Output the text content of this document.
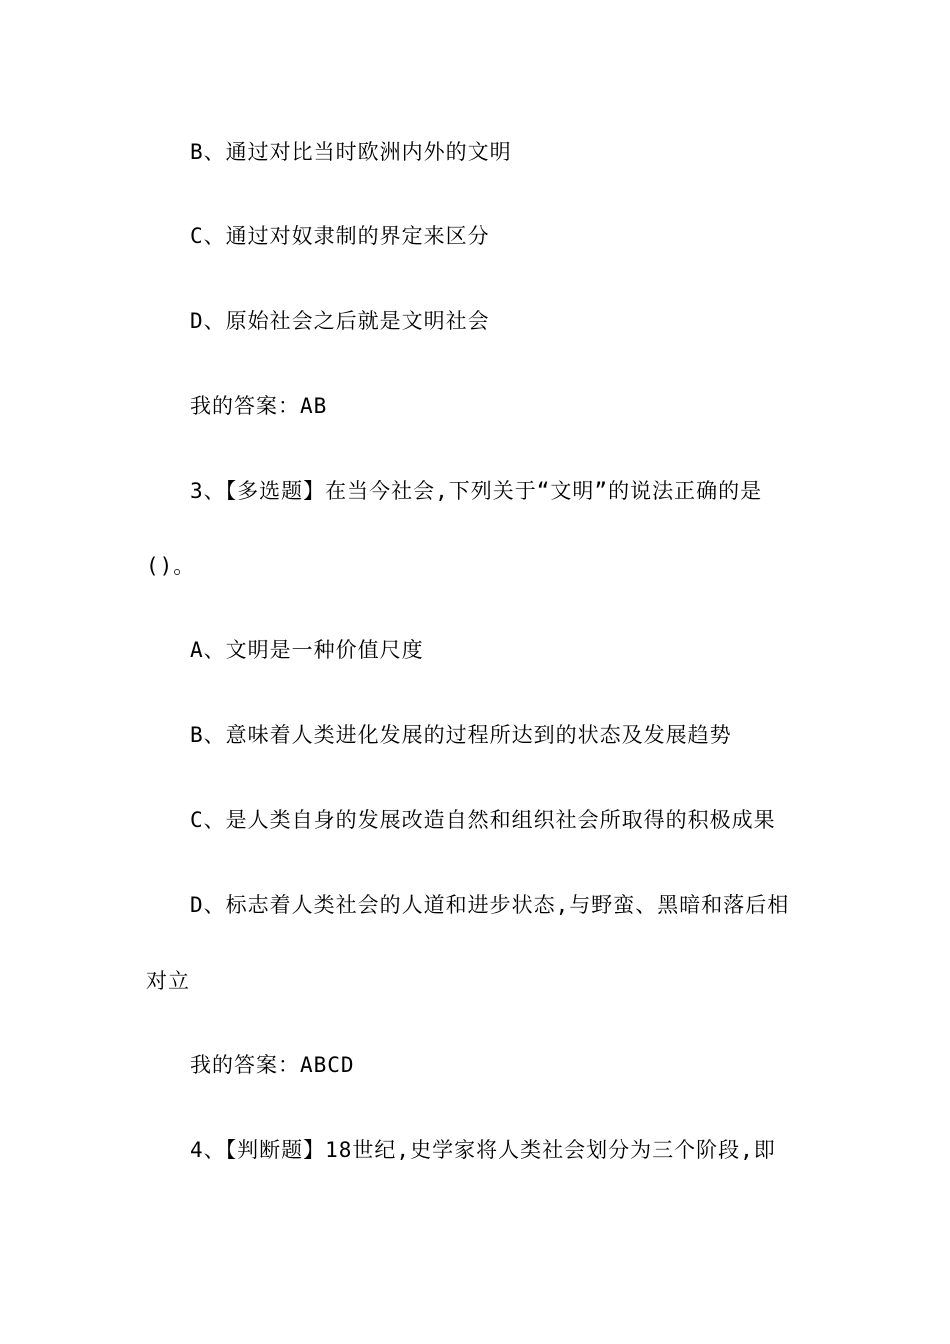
B、通过对比当时欧洲内外的文明
C、通过对奴隶制的界定来区分
D、原始社会之后就是文明社会
我的答案：AB
3、【多选题】在当今社会,下列关于“文明”的说法正确的是
()。
A、文明是一种价值尺度
B、意味着人类进化发展的过程所达到的状态及发展趋势
C、是人类自身的发展改造自然和组织社会所取得的积极成果
D、标志着人类社会的人道和进步状态,与野蛮、黑暗和落后相
对立
我的答案：ABCD
4、【判断题】18世纪,史学家将人类社会划分为三个阶段,即
